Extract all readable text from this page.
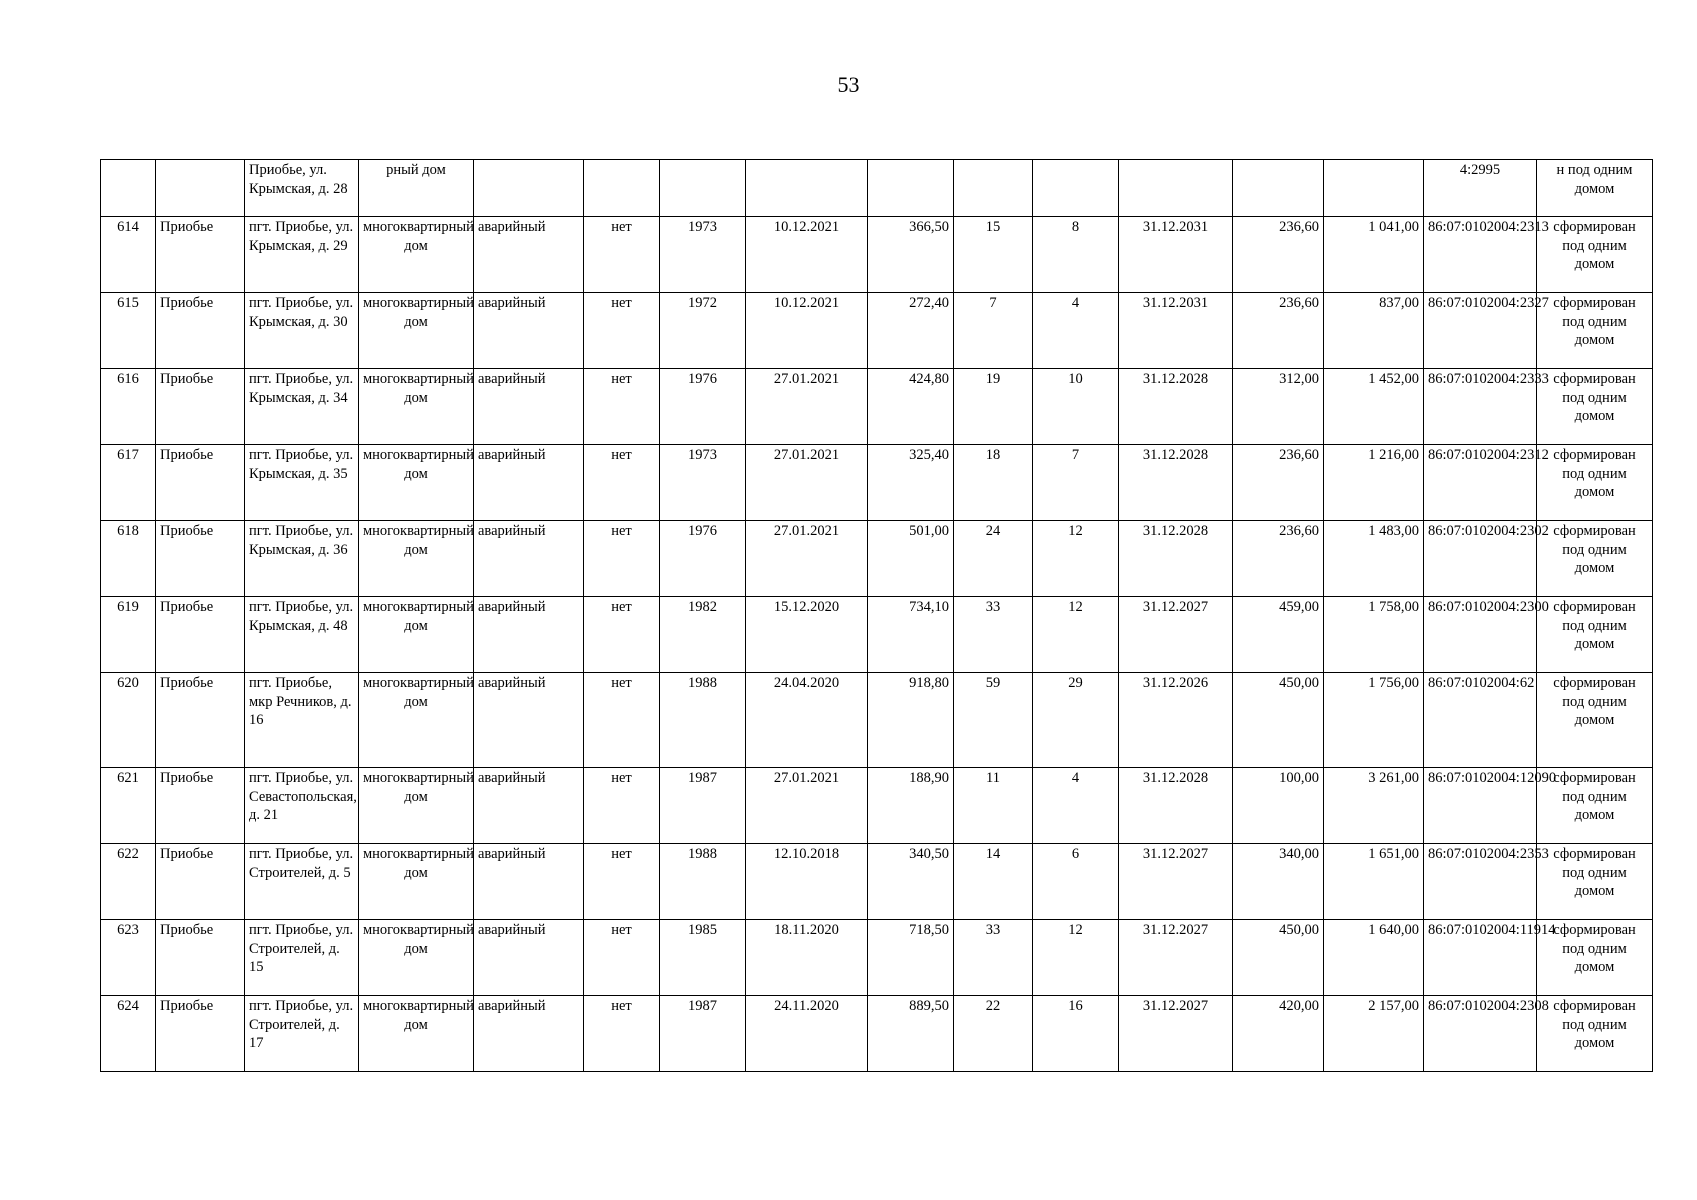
53
		Приобье, ул. Крымская, д. 28	рный дом											4:2995	н под одним домом
614	Приобье	пгт. Приобье, ул. Крымская, д. 29	многоквартирный дом	аварийный	нет	1973	10.12.2021	366,50	15	8	31.12.2031	236,60	1 041,00	86:07:0102004:2313	сформирован под одним домом
615	Приобье	пгт. Приобье, ул. Крымская, д. 30	многоквартирный дом	аварийный	нет	1972	10.12.2021	272,40	7	4	31.12.2031	236,60	837,00	86:07:0102004:2327	сформирован под одним домом
616	Приобье	пгт. Приобье, ул. Крымская, д. 34	многоквартирный дом	аварийный	нет	1976	27.01.2021	424,80	19	10	31.12.2028	312,00	1 452,00	86:07:0102004:2333	сформирован под одним домом
617	Приобье	пгт. Приобье, ул. Крымская, д. 35	многоквартирный дом	аварийный	нет	1973	27.01.2021	325,40	18	7	31.12.2028	236,60	1 216,00	86:07:0102004:2312	сформирован под одним домом
618	Приобье	пгт. Приобье, ул. Крымская, д. 36	многоквартирный дом	аварийный	нет	1976	27.01.2021	501,00	24	12	31.12.2028	236,60	1 483,00	86:07:0102004:2302	сформирован под одним домом
619	Приобье	пгт. Приобье, ул. Крымская, д. 48	многоквартирный дом	аварийный	нет	1982	15.12.2020	734,10	33	12	31.12.2027	459,00	1 758,00	86:07:0102004:2300	сформирован под одним домом
620	Приобье	пгт. Приобье, мкр Речников, д. 16	многоквартирный дом	аварийный	нет	1988	24.04.2020	918,80	59	29	31.12.2026	450,00	1 756,00	86:07:0102004:62	сформирован под одним домом
621	Приобье	пгт. Приобье, ул. Севастопольская, д. 21	многоквартирный дом	аварийный	нет	1987	27.01.2021	188,90	11	4	31.12.2028	100,00	3 261,00	86:07:0102004:12090	сформирован под одним домом
622	Приобье	пгт. Приобье, ул. Строителей, д. 5	многоквартирный дом	аварийный	нет	1988	12.10.2018	340,50	14	6	31.12.2027	340,00	1 651,00	86:07:0102004:2353	сформирован под одним домом
623	Приобье	пгт. Приобье, ул. Строителей, д. 15	многоквартирный дом	аварийный	нет	1985	18.11.2020	718,50	33	12	31.12.2027	450,00	1 640,00	86:07:0102004:11914	сформирован под одним домом
624	Приобье	пгт. Приобье, ул. Строителей, д. 17	многоквартирный дом	аварийный	нет	1987	24.11.2020	889,50	22	16	31.12.2027	420,00	2 157,00	86:07:0102004:2308	сформирован под одним домом
